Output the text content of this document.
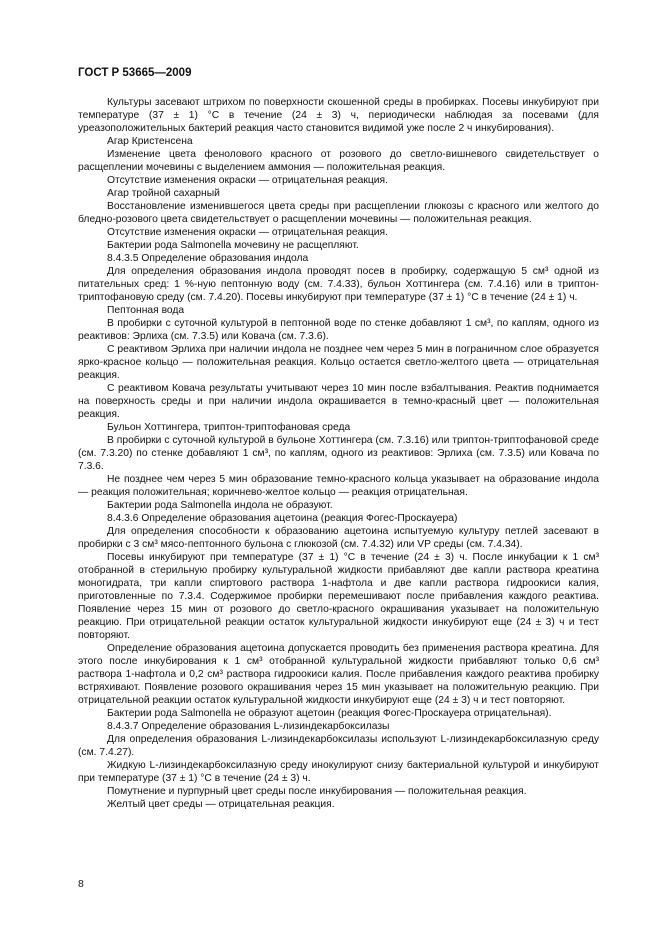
ГОСТ Р 53665—2009

Культуры засевают штрихом по поверхности скошенной среды в пробирках. Посевы инкубируют при температуре (37 ± 1) °С в течение (24 ± 3) ч, периодически наблюдая за посевами (для уреазоположительных бактерий реакция часто становится видимой уже после 2 ч инкубирования).

Агар Кристенсена

Изменение цвета фенолового красного от розового до светло-вишневого свидетельствует о расщеплении мочевины с выделением аммония — положительная реакция.

Отсутствие изменения окраски — отрицательная реакция.

Агар тройной сахарный

Восстановление изменившегося цвета среды при расщеплении глюкозы с красного или желтого до бледно-розового цвета свидетельствует о расщеплении мочевины — положительная реакция.

Отсутствие изменения окраски — отрицательная реакция.

Бактерии рода Salmonella мочевину не расщепляют.

8.4.3.5 Определение образования индола

Для определения образования индола проводят посев в пробирку, содержащую 5 см³ одной из питательных сред: 1 %-ную пептонную воду (см. 7.4.33), бульон Хоттингера (см. 7.4.16) или в триптон-триптофановую среду (см. 7.4.20). Посевы инкубируют при температуре (37 ± 1) °С в течение (24 ± 1) ч.

Пептонная вода

В пробирки с суточной культурой в пептонной воде по стенке добавляют 1 см³, по каплям, одного из реактивов: Эрлиха (см. 7.3.5) или Ковача (см. 7.3.6).

С реактивом Эрлиха при наличии индола не позднее чем через 5 мин в пограничном слое образуется ярко-красное кольцо — положительная реакция. Кольцо остается светло-желтого цвета — отрицательная реакция.

С реактивом Ковача результаты учитывают через 10 мин после взбалтывания. Реактив поднимается на поверхность среды и при наличии индола окрашивается в темно-красный цвет — положительная реакция.

Бульон Хоттингера, триптон-триптофановая среда

В пробирки с суточной культурой в бульоне Хоттингера (см. 7.3.16) или триптон-триптофановой среде (см. 7.3.20) по стенке добавляют 1 см³, по каплям, одного из реактивов: Эрлиха (см. 7.3.5) или Ковача по 7.3.6.

Не позднее чем через 5 мин образование темно-красного кольца указывает на образование индола — реакция положительная; коричнево-желтое кольцо — реакция отрицательная.

Бактерии рода Salmonella индола не образуют.

8.4.3.6 Определение образования ацетоина (реакция Фогес-Проскауера)

Для определения способности к образованию ацетоина испытуемую культуру петлей засевают в пробирки с 3 см³ мясо-пептонного бульона с глюкозой (см. 7.4.32) или VP среды (см. 7.4.34).

Посевы инкубируют при температуре (37 ± 1) °С в течение (24 ± 3) ч. После инкубации к 1 см³ отобранной в стерильную пробирку культуральной жидкости прибавляют две капли раствора креатина моногидрата, три капли спиртового раствора 1-нафтола и две капли раствора гидроокиси калия, приготовленные по 7.3.4. Содержимое пробирки перемешивают после прибавления каждого реактива. Появление через 15 мин от розового до светло-красного окрашивания указывает на положительную реакцию. При отрицательной реакции остаток культуральной жидкости инкубируют еще (24 ± 3) ч и тест повторяют.

Определение образования ацетоина допускается проводить без применения раствора креатина. Для этого после инкубирования к 1 см³ отобранной культуральной жидкости прибавляют только 0,6 см³ раствора 1-нафтола и 0,2 см³ раствора гидроокиси калия. После прибавления каждого реактива пробирку встряхивают. Появление розового окрашивания через 15 мин указывает на положительную реакцию. При отрицательной реакции остаток культуральной жидкости инкубируют еще (24 ± 3) ч и тест повторяют.

Бактерии рода Salmonella не образуют ацетоин (реакция Фогес-Проскауера отрицательная).

8.4.3.7 Определение образования L-лизиндекарбоксилазы

Для определения образования L-лизиндекарбоксилазы используют L-лизиндекарбоксилазную среду (см. 7.4.27).

Жидкую L-лизиндекарбоксилазную среду инокулируют снизу бактериальной культурой и инкубируют при температуре (37 ± 1) °С в течение (24 ± 3) ч.

Помутнение и пурпурный цвет среды после инкубирования — положительная реакция.

Желтый цвет среды — отрицательная реакция.

8
